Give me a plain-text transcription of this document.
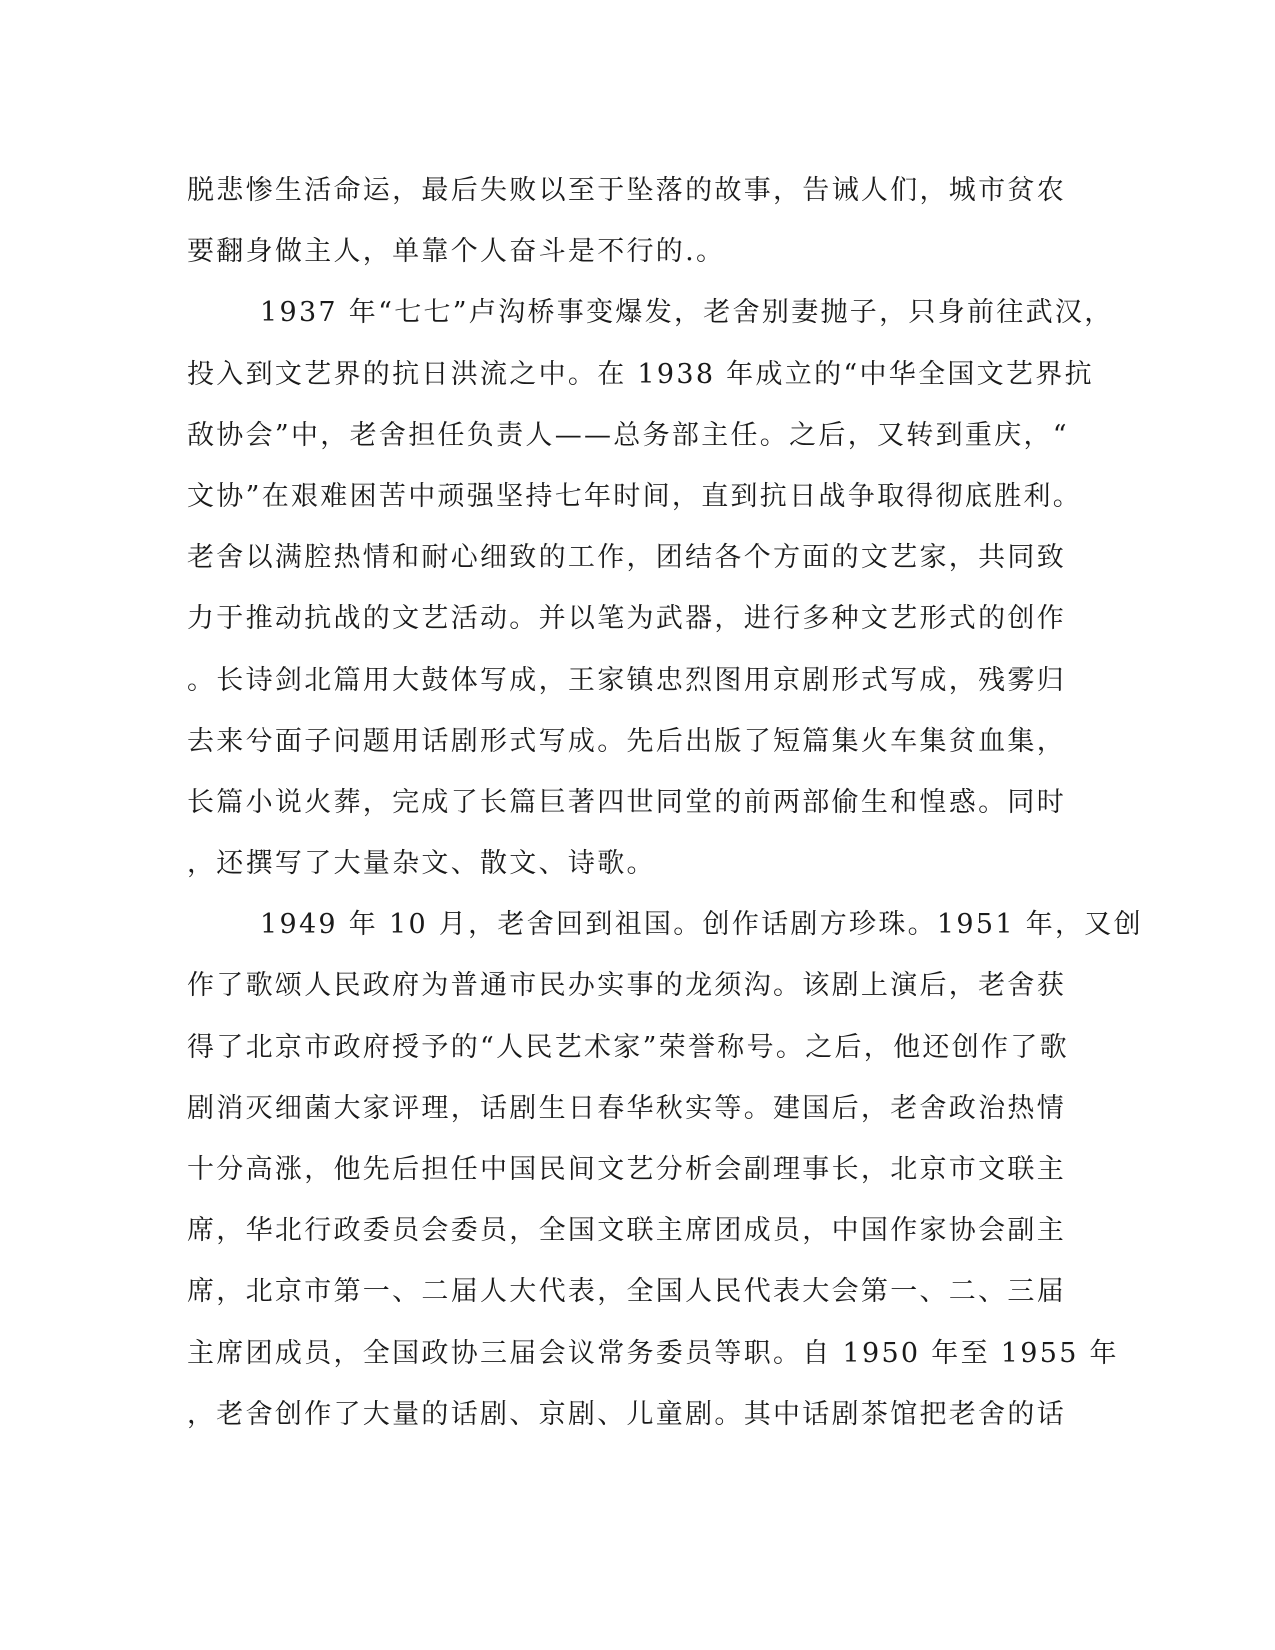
脱悲惨生活命运，最后失败以至于坠落的故事，告诫人们，城市贫农
要翻身做主人，单靠个人奋斗是不行的.。
1937 年“七七”卢沟桥事变爆发，老舍别妻抛子，只身前往武汉，
投入到文艺界的抗日洪流之中。在 1938 年成立的“中华全国文艺界抗
敌协会”中，老舍担任负责人——总务部主任。之后，又转到重庆，“
文协”在艰难困苦中顽强坚持七年时间，直到抗日战争取得彻底胜利。
老舍以满腔热情和耐心细致的工作，团结各个方面的文艺家，共同致
力于推动抗战的文艺活动。并以笔为武器，进行多种文艺形式的创作
。长诗剑北篇用大鼓体写成，王家镇忠烈图用京剧形式写成，残雾归
去来兮面子问题用话剧形式写成。先后出版了短篇集火车集贫血集，
长篇小说火葬，完成了长篇巨著四世同堂的前两部偷生和惶惑。同时
，还撰写了大量杂文、散文、诗歌。
1949 年 10 月，老舍回到祖国。创作话剧方珍珠。1951 年，又创
作了歌颂人民政府为普通市民办实事的龙须沟。该剧上演后，老舍获
得了北京市政府授予的“人民艺术家”荣誉称号。之后，他还创作了歌
剧消灭细菌大家评理，话剧生日春华秋实等。建国后，老舍政治热情
十分高涨，他先后担任中国民间文艺分析会副理事长，北京市文联主
席，华北行政委员会委员，全国文联主席团成员，中国作家协会副主
席，北京市第一、二届人大代表，全国人民代表大会第一、二、三届
主席团成员，全国政协三届会议常务委员等职。自 1950 年至 1955 年
，老舍创作了大量的话剧、京剧、儿童剧。其中话剧茶馆把老舍的话
